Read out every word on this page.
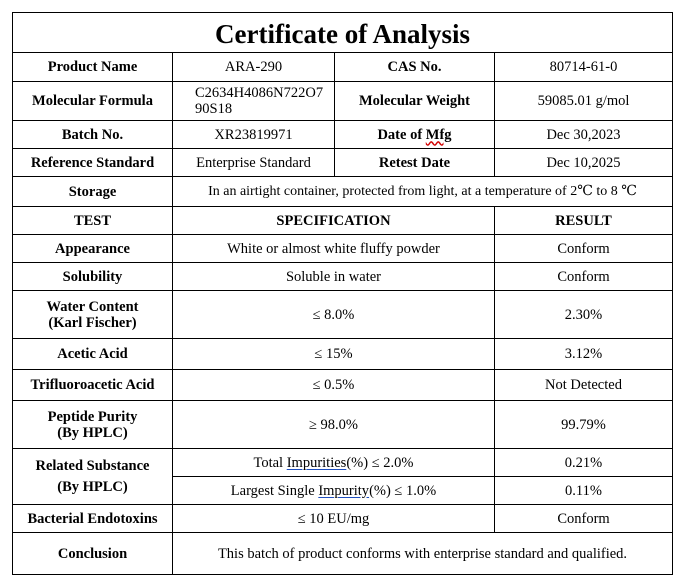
Certificate of Analysis			
Product Name	ARA-290	CAS No.	80714-61-0
Molecular Formula	C2634H4086N722O790S18	Molecular Weight	59085.01 g/mol
Batch No.	XR23819971	Date of Mfg	Dec 30,2023
Reference Standard	Enterprise Standard	Retest Date	Dec 10,2025
Storage	In an airtight container, protected from light, at a temperature of 2℃ to 8 ℃		
TEST	SPECIFICATION		RESULT
Appearance	White or almost white fluffy powder		Conform
Solubility	Soluble in water		Conform
Water Content
(Karl Fischer)	≤ 8.0%		2.30%
Acetic Acid	≤ 15%		3.12%
Trifluoroacetic Acid	≤ 0.5%		Not Detected
Peptide Purity
(By HPLC)	≥ 98.0%		99.79%
Related Substance
(By HPLC)	Total Impurities(%) ≤ 2.0%		0.21%
	Largest Single Impurity(%) ≤ 1.0%		0.11%
Bacterial Endotoxins	≤ 10 EU/mg		Conform
Conclusion	This batch of product conforms with enterprise standard and qualified.		
